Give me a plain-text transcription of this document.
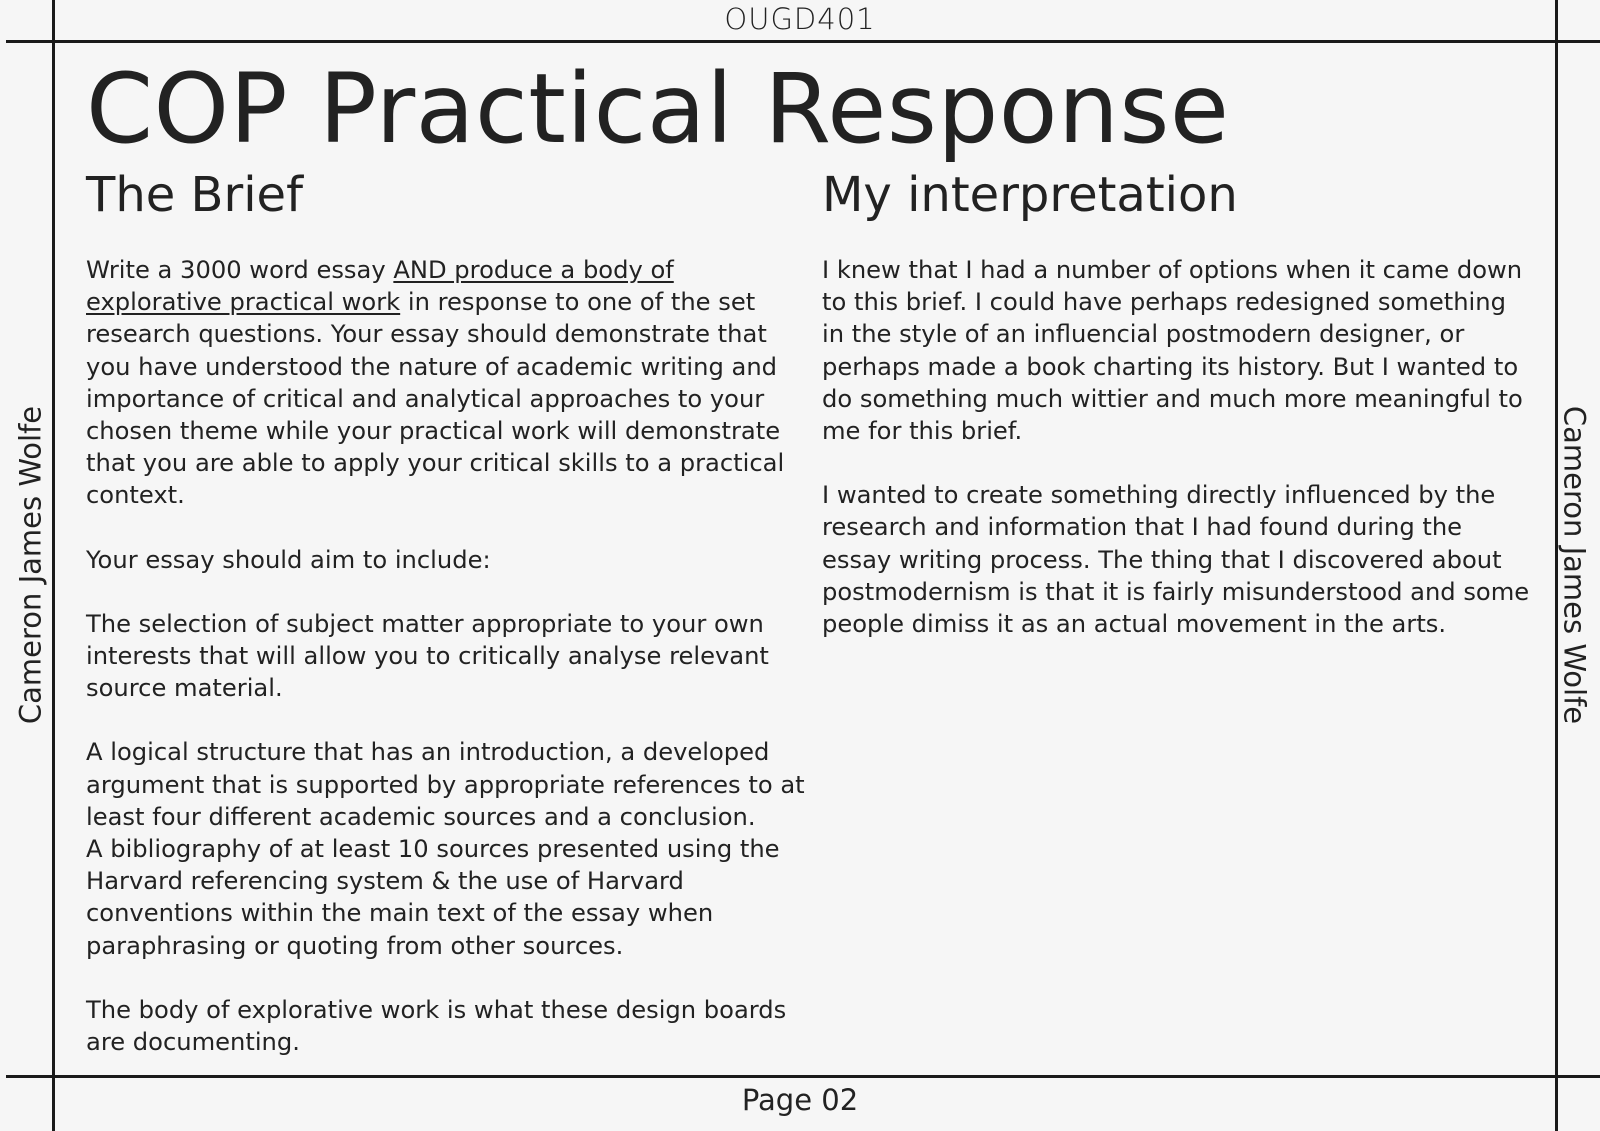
OUGD401
COP Practical Response
The Brief

Write a 3000 word essay AND produce a body of explorative practical work in response to one of the set research questions. Your essay should demonstrate that you have understood the nature of academic writing and importance of critical and analytical approaches to your chosen theme while your practical work will demonstrate that you are able to apply your critical skills to a practical context.

Your essay should aim to include:

The selection of subject matter appropriate to your own interests that will allow you to critically analyse relevant source material.

A logical structure that has an introduction, a developed argument that is supported by appropriate references to at least four different academic sources and a conclusion.

A bibliography of at least 10 sources presented using the Harvard referencing system & the use of Harvard conventions within the main text of the essay when paraphrasing or quoting from other sources.

The body of explorative work is what these design boards are documenting.

My interpretation

I knew that I had a number of options when it came down to this brief. I could have perhaps redesigned something in the style of an influencial postmodern designer, or perhaps made a book charting its history. But I wanted to do something much wittier and much more meaningful to me for this brief.

I wanted to create something directly influenced by the research and information that I had found during the essay writing process. The thing that I discovered about postmodernism is that it is fairly misunderstood and some people dimiss it as an actual movement in the arts.

Cameron James Wolfe	Cameron James Wolfe
Page 02
